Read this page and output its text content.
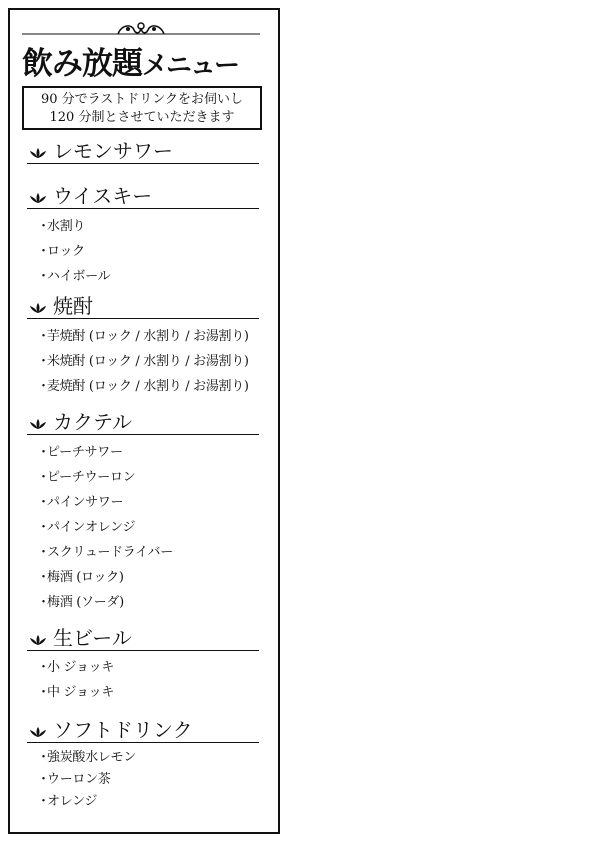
飲み放題メニュー
90 分でラストドリンクをお伺いし
120 分制とさせていただきます
レモンサワー
ウイスキー
・水割り
・ロック
・ハイボール
焼酎
・芋焼酎 (ロック / 水割り / お湯割り)
・米焼酎 (ロック / 水割り / お湯割り)
・麦焼酎 (ロック / 水割り / お湯割り)
カクテル
・ピーチサワー
・ピーチウーロン
・パインサワー
・パインオレンジ
・スクリュードライバー
・梅酒 (ロック)
・梅酒 (ソーダ)
生ビール
・小 ジョッキ
・中 ジョッキ
ソフトドリンク
・強炭酸水レモン
・ウーロン茶
・オレンジ
